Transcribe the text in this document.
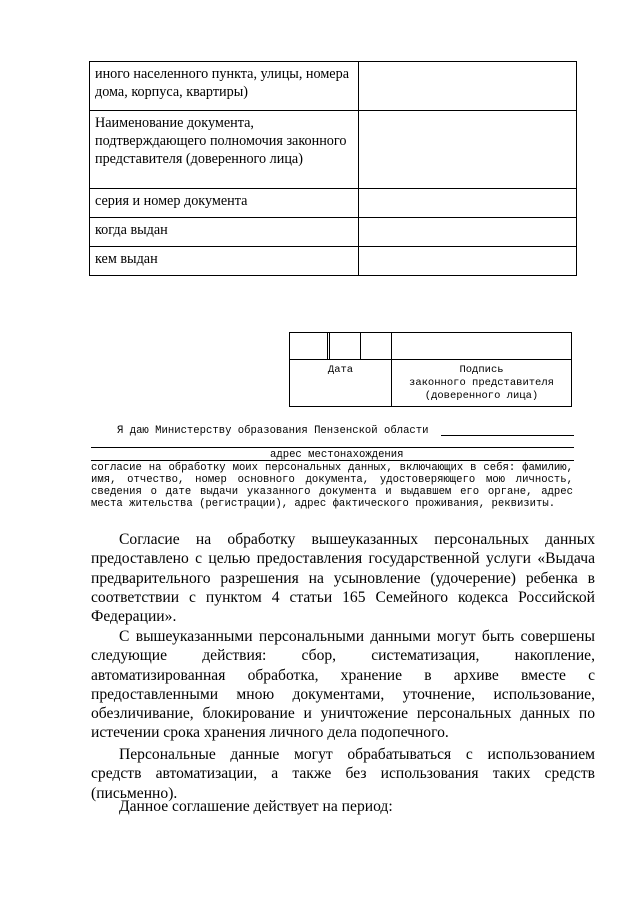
иного населенного пункта, улицы, номера дома, корпуса, квартиры)	
Наименование документа, подтверждающего полномочия законного представителя (доверенного лица)	
серия и номер документа	
когда выдан	
кем выдан	
Дата	Подпись
законного представителя
(доверенного лица)
Я даю Министерству образования Пензенской области
адрес местонахождения
согласие на обработку моих персональных данных, включающих в себя: фамилию,
имя, отчество, номер основного документа, удостоверяющего мою личность,
сведения о дате выдачи указанного документа и выдавшем его органе, адрес
места жительства (регистрации), адрес фактического проживания, реквизиты.
Согласие на обработку вышеуказанных персональных данных предоставлено с целью предоставления государственной услуги «Выдача предварительного разрешения на усыновление (удочерение) ребенка в соответствии с пунктом 4 статьи 165 Семейного кодекса Российской Федерации».
С вышеуказанными персональными данными могут быть совершены следующие действия: сбор, систематизация, накопление, автоматизированная обработка, хранение в архиве вместе с предоставленными мною документами, уточнение, использование, обезличивание, блокирование и уничтожение персональных данных по истечении срока хранения личного дела подопечного.
Персональные данные могут обрабатываться с использованием средств автоматизации, а также без использования таких средств (письменно).
Данное соглашение действует на период:
